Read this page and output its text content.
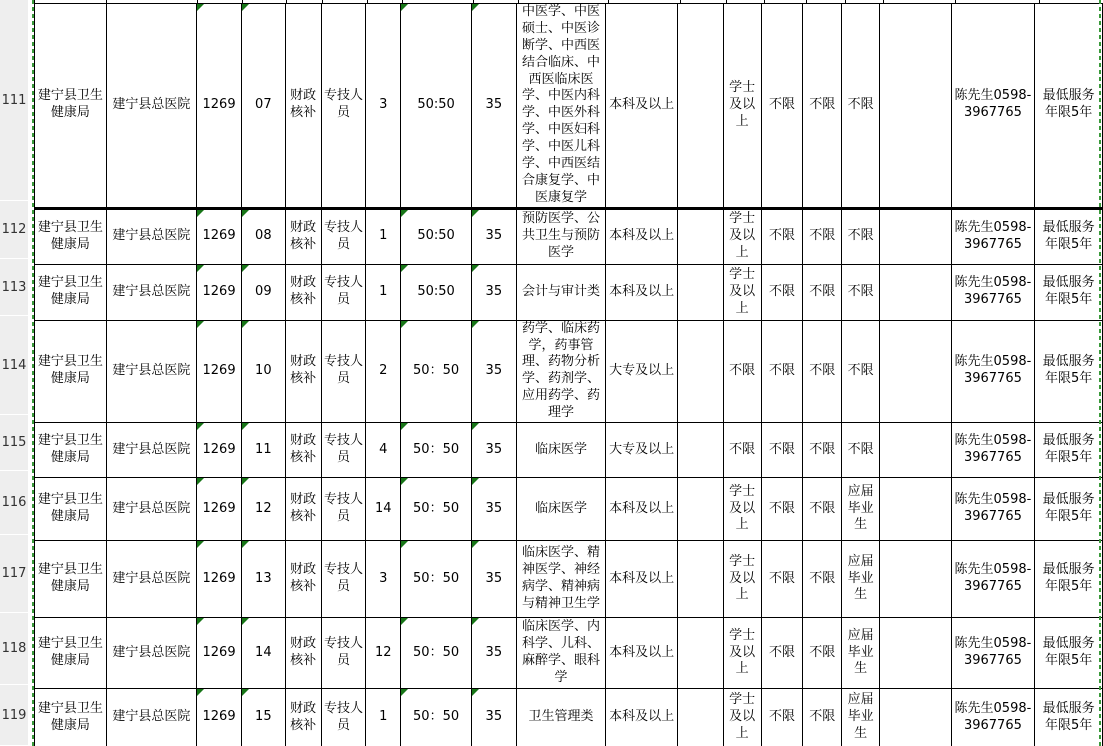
111
112
113
114
115
116
117
118
119
建宁县卫生健康局	建宁县总医院	1269	07	财政核补	专技人员	3	50:50	35	中医学、中医硕士、中医诊断学、中西医结合临床、中西医临床医学、中医内科学、中医外科学、中医妇科学、中医儿科学、中西医结合康复学、中医康复学	本科及以上		学士及以上	不限	不限	不限		陈先生0598-3967765	最低服务年限5年
建宁县卫生健康局	建宁县总医院	1269	08	财政核补	专技人员	1	50:50	35	预防医学、公共卫生与预防医学	本科及以上		学士及以上	不限	不限	不限		陈先生0598-3967765	最低服务年限5年
建宁县卫生健康局	建宁县总医院	1269	09	财政核补	专技人员	1	50:50	35	会计与审计类	本科及以上		学士及以上	不限	不限	不限		陈先生0598-3967765	最低服务年限5年
建宁县卫生健康局	建宁县总医院	1269	10	财政核补	专技人员	2	50：50	35	药学、临床药学，药事管理、药物分析学、药剂学、应用药学、药理学	大专及以上		不限	不限	不限	不限		陈先生0598-3967765	最低服务年限5年
建宁县卫生健康局	建宁县总医院	1269	11	财政核补	专技人员	4	50：50	35	临床医学	大专及以上		不限	不限	不限	不限		陈先生0598-3967765	最低服务年限5年
建宁县卫生健康局	建宁县总医院	1269	12	财政核补	专技人员	14	50：50	35	临床医学	本科及以上		学士及以上	不限	不限	应届毕业生		陈先生0598-3967765	最低服务年限5年
建宁县卫生健康局	建宁县总医院	1269	13	财政核补	专技人员	3	50：50	35	临床医学、精神医学、神经病学、精神病与精神卫生学	本科及以上		学士及以上	不限	不限	应届毕业生		陈先生0598-3967765	最低服务年限5年
建宁县卫生健康局	建宁县总医院	1269	14	财政核补	专技人员	12	50：50	35	临床医学、内科学、儿科、麻醉学、眼科学	本科及以上		学士及以上	不限	不限	应届毕业生		陈先生0598-3967765	最低服务年限5年
建宁县卫生健康局	建宁县总医院	1269	15	财政核补	专技人员	1	50：50	35	卫生管理类	本科及以上		学士及以上	不限	不限	应届毕业生		陈先生0598-3967765	最低服务年限5年
